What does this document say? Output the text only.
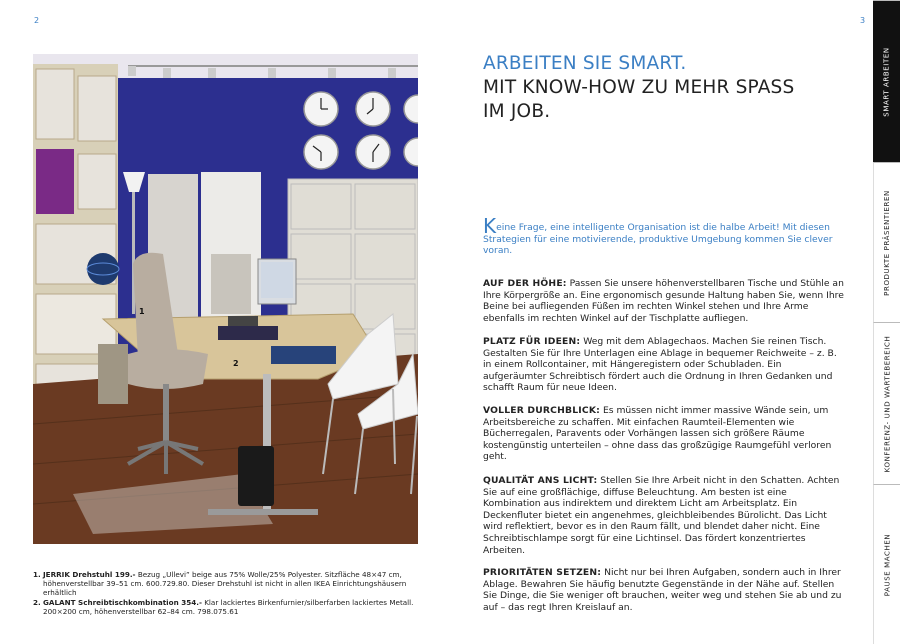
2	3
1
2
1. JERRIK Drehstuhl 199.- Bezug „Ullevi” beige aus 75% Wolle/25% Polyester. Sitzfläche 48×47 cm, höhenverstellbar 39–51 cm. 600.729.80. Dieser Drehstuhl ist nicht in allen IKEA Einrichtungshäusern erhältlich
2. GALANT Schreibtischkombination 354.- Klar lackiertes Birkenfurnier/silberfarben lackiertes Metall. 200×200 cm, höhenverstellbar 62–84 cm. 798.075.61
ARBEITEN SIE SMART.
MIT KNOW-HOW ZU MEHR SPASS
IM JOB.
Keine Frage, eine intelligente Organisation ist die halbe Arbeit! Mit diesen Strategien für eine motivierende, produktive Umgebung kommen Sie clever voran.
AUF DER HÖHE: Passen Sie unsere höhenverstellbaren Tische und Stühle an Ihre Körpergröße an. Eine ergonomisch gesunde Haltung haben Sie, wenn Ihre Beine bei aufliegenden Füßen im rechten Winkel stehen und Ihre Arme ebenfalls im rechten Winkel auf der Tischplatte aufliegen.
PLATZ FÜR IDEEN: Weg mit dem Ablagechaos. Machen Sie reinen Tisch. Gestalten Sie für Ihre Unterlagen eine Ablage in bequemer Reichweite – z. B. in einem Rollcontainer, mit Hängeregistern oder Schubladen. Ein aufgeräumter Schreibtisch fördert auch die Ordnung in Ihren Gedanken und schafft Raum für neue Ideen.
VOLLER DURCHBLICK: Es müssen nicht immer massive Wände sein, um Arbeitsbereiche zu schaffen. Mit einfachen Raumteil-Elementen wie Bücherregalen, Paravents oder Vorhängen lassen sich größere Räume kostengünstig unterteilen – ohne dass das großzügige Raumgefühl verloren geht.
QUALITÄT ANS LICHT: Stellen Sie Ihre Arbeit nicht in den Schatten. Achten Sie auf eine großflächige, diffuse Beleuchtung. Am besten ist eine Kombination aus indirektem und direktem Licht am Arbeitsplatz. Ein Deckenfluter bietet ein angenehmes, gleichbleibendes Bürolicht. Das Licht wird reflektiert, bevor es in den Raum fällt, und blendet daher nicht. Eine Schreibtischlampe sorgt für eine Lichtinsel. Das fördert konzentriertes Arbeiten.
PRIORITÄTEN SETZEN: Nicht nur bei Ihren Aufgaben, sondern auch in Ihrer Ablage. Bewahren Sie häufig benutzte Gegenstände in der Nähe auf. Stellen Sie Dinge, die Sie weniger oft brauchen, weiter weg und stehen Sie ab und zu auf – das regt Ihren Kreislauf an.
SMART ARBEITEN
PRODUKTE PRÄSENTIEREN
KONFERENZ- UND WARTEBEREICH
PAUSE MACHEN
